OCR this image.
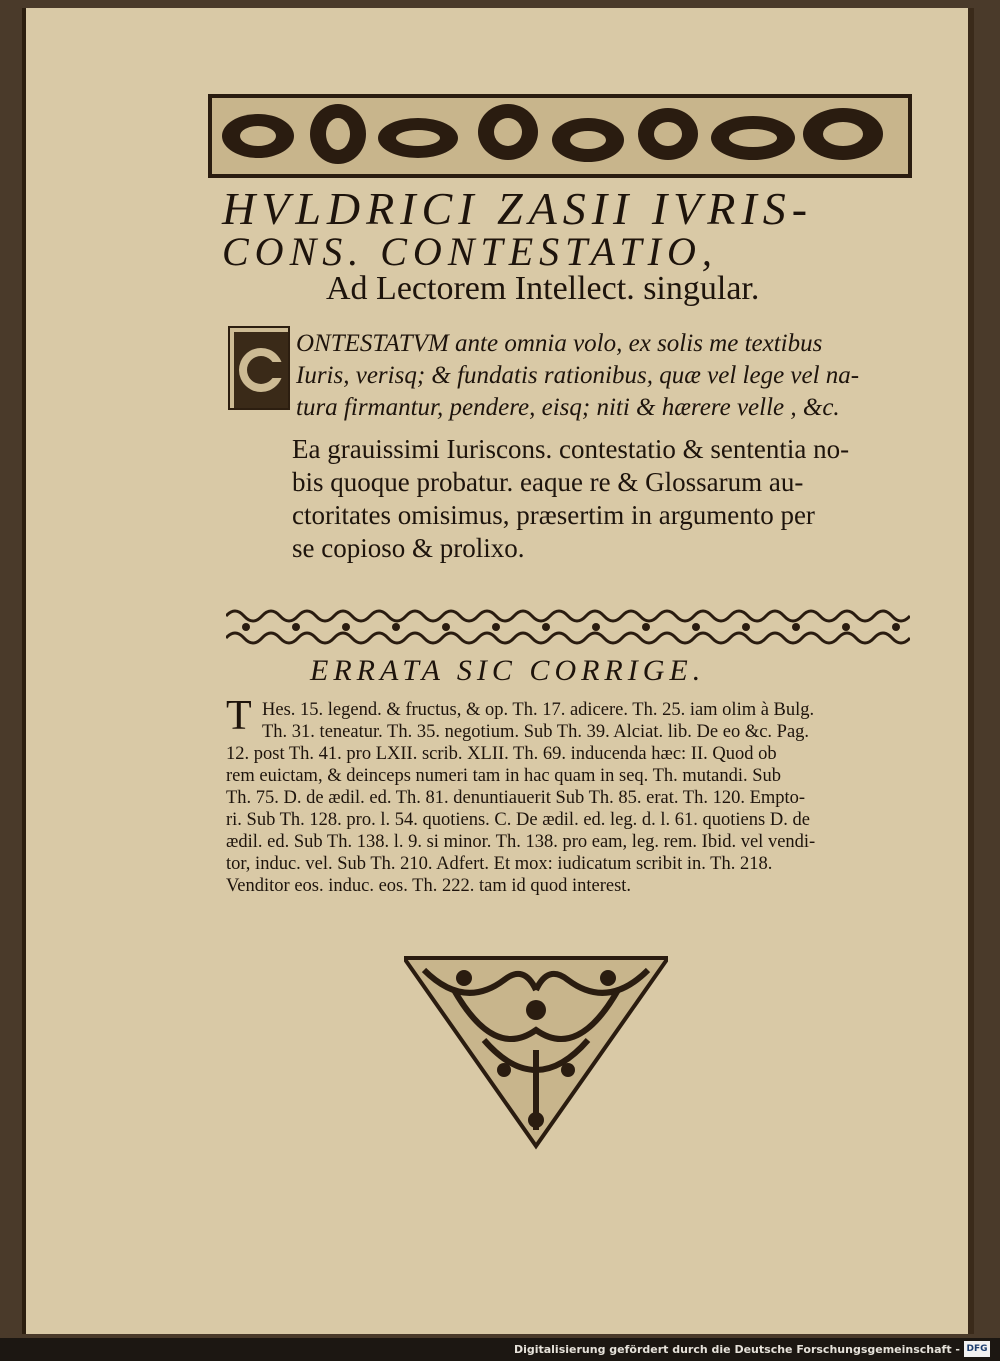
HVLDRICI ZASII IVRIS-
CONS. CONTESTATIO,
Ad Lectorem Intellect. singular.
ONTESTATVM ante omnia volo, ex solis me textibus
Iuris, verisq; & fundatis rationibus, quæ vel lege vel na-
tura firmantur, pendere, eisq; niti & hærere velle , &c.
Ea grauissimi Iuriscons. contestatio & sententia no-
bis quoque probatur. eaque re & Glossarum au-
ctoritates omisimus, præsertim in argumento per
se copioso & prolixo.
ERRATA SIC CORRIGE.
T Hes. 15. legend. & fructus, & op. Th. 17. adicere. Th. 25. iam olim à Bulg.
Th. 31. teneatur. Th. 35. negotium. Sub Th. 39. Alciat. lib. De eo &c. Pag.
12. post Th. 41. pro LXII. scrib. XLII. Th. 69. inducenda hæc: II. Quod ob
rem euictam, & deinceps numeri tam in hac quam in seq. Th. mutandi. Sub
Th. 75. D. de ædil. ed. Th. 81. denuntiauerit Sub Th. 85. erat. Th. 120. Empto-
ri. Sub Th. 128. pro. l. 54. quotiens. C. De ædil. ed. leg. d. l. 61. quotiens D. de
ædil. ed. Sub Th. 138. l. 9. si minor. Th. 138. pro eam, leg. rem. Ibid. vel vendi-
tor, induc. vel. Sub Th. 210. Adfert. Et mox: iudicatum scribit in. Th. 218.
Venditor eos. induc. eos. Th. 222. tam id quod interest.
Digitalisierung gefördert durch die Deutsche Forschungsgemeinschaft - DFG
